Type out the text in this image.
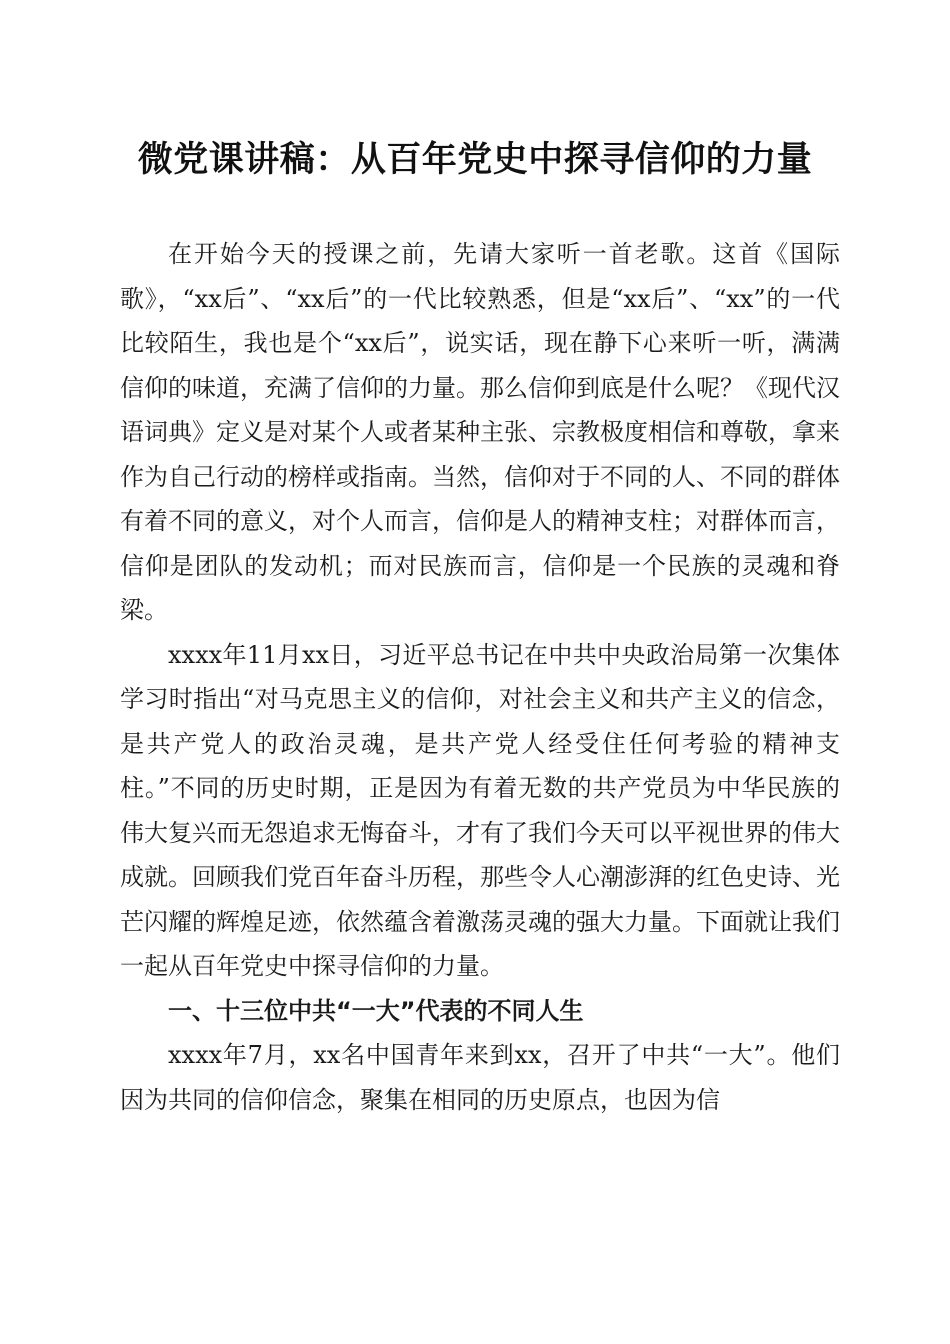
微党课讲稿：从百年党史中探寻信仰的力量

在开始今天的授课之前，先请大家听一首老歌。这首《国际歌》，“xx后”、“xx后”的一代比较熟悉，但是“xx后”、“xx”的一代比较陌生，我也是个“xx后”，说实话，现在静下心来听一听，满满信仰的味道，充满了信仰的力量。那么信仰到底是什么呢？《现代汉语词典》定义是对某个人或者某种主张、宗教极度相信和尊敬，拿来作为自己行动的榜样或指南。当然，信仰对于不同的人、不同的群体有着不同的意义，对个人而言，信仰是人的精神支柱；对群体而言，信仰是团队的发动机；而对民族而言，信仰是一个民族的灵魂和脊梁。

xxxx年11月xx日，习近平总书记在中共中央政治局第一次集体学习时指出“对马克思主义的信仰，对社会主义和共产主义的信念，是共产党人的政治灵魂，是共产党人经受住任何考验的精神支柱。”不同的历史时期，正是因为有着无数的共产党员为中华民族的伟大复兴而无怨追求无悔奋斗，才有了我们今天可以平视世界的伟大成就。回顾我们党百年奋斗历程，那些令人心潮澎湃的红色史诗、光芒闪耀的辉煌足迹，依然蕴含着激荡灵魂的强大力量。下面就让我们一起从百年党史中探寻信仰的力量。

一、十三位中共“一大”代表的不同人生

xxxx年7月，xx名中国青年来到xx，召开了中共“一大”。他们因为共同的信仰信念，聚集在相同的历史原点，也因为信
